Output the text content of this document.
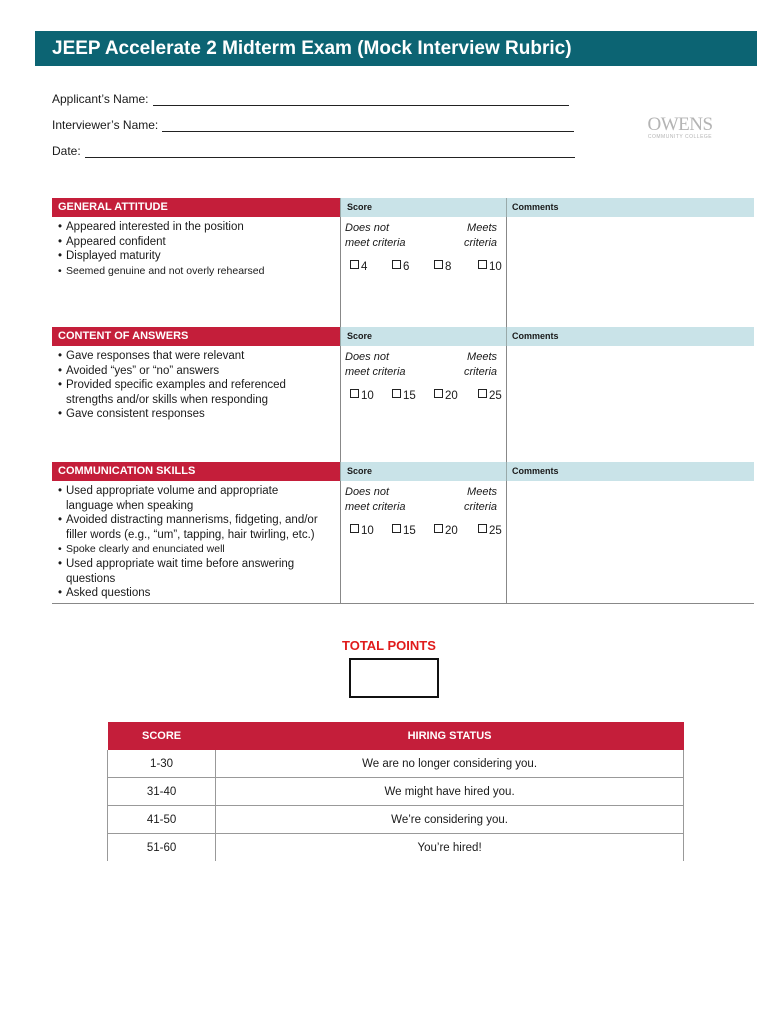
JEEP Accelerate 2 Midterm Exam (Mock Interview Rubric)
Applicant’s Name:
Interviewer’s Name:
Date:
OWENS
COMMUNITY COLLEGE
GENERAL ATTITUDE	Score	Comments
• Appeared interested in the position
• Appeared confident
• Displayed maturity
• Seemed genuine and not overly rehearsed
Does not
meet criteria
Meets
criteria
4	6	8	10
CONTENT OF ANSWERS	Score	Comments
• Gave responses that were relevant
• Avoided “yes” or “no” answers
• Provided specific examples and referenced strengths and/or skills when responding
• Gave consistent responses
Does not
meet criteria
Meets
criteria
10	15	20	25
COMMUNICATION SKILLS	Score	Comments
• Used appropriate volume and appropriate language when speaking
• Avoided distracting mannerisms, fidgeting, and/or filler words (e.g., “um”, tapping, hair twirling, etc.)
• Spoke clearly and enunciated well
• Used appropriate wait time before answering questions
• Asked questions
Does not
meet criteria
Meets
criteria
10	15	20	25
TOTAL POINTS
SCORE	HIRING STATUS
1-30	We are no longer considering you.
31-40	We might have hired you.
41-50	We’re considering you.
51-60	You’re hired!
